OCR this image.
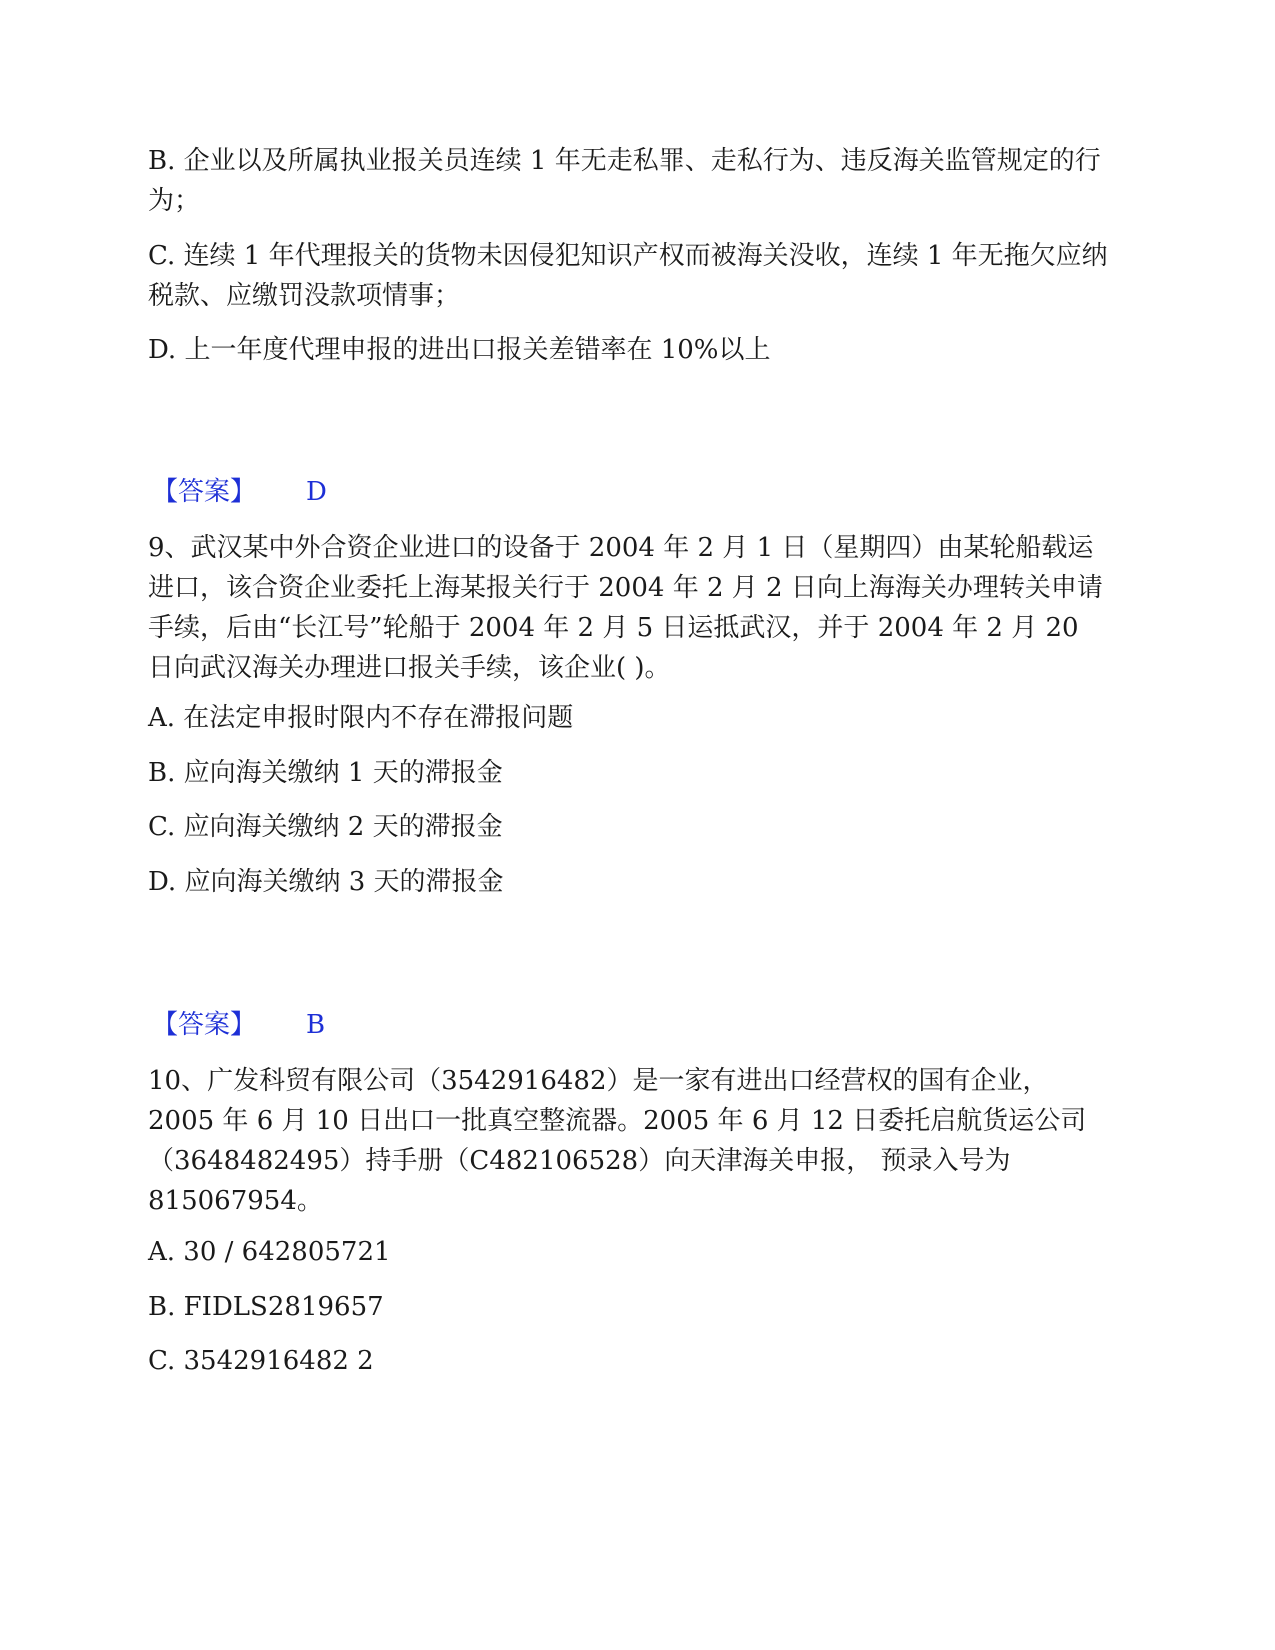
B. 企业以及所属执业报关员连续 1 年无走私罪、走私行为、违反海关监管规定的行为；

C. 连续 1 年代理报关的货物未因侵犯知识产权而被海关没收，连续 1 年无拖欠应纳税款、应缴罚没款项情事；

D. 上一年度代理申报的进出口报关差错率在 10%以上

【答案】 D

9、武汉某中外合资企业进口的设备于 2004 年 2 月 1 日（星期四）由某轮船载运进口，该合资企业委托上海某报关行于 2004 年 2 月 2 日向上海海关办理转关申请手续，后由“长江号”轮船于 2004 年 2 月 5 日运抵武汉，并于 2004 年 2 月 20 日向武汉海关办理进口报关手续，该企业( )。

A. 在法定申报时限内不存在滞报问题

B. 应向海关缴纳 1 天的滞报金

C. 应向海关缴纳 2 天的滞报金

D. 应向海关缴纳 3 天的滞报金

【答案】 B

10、广发科贸有限公司（3542916482）是一家有进出口经营权的国有企业，2005 年 6 月 10 日出口一批真空整流器。2005 年 6 月 12 日委托启航货运公司（3648482495）持手册（C482106528）向天津海关申报， 预录入号为 815067954。

A. 30 / 642805721

B. FIDLS2819657

C. 3542916482 2
